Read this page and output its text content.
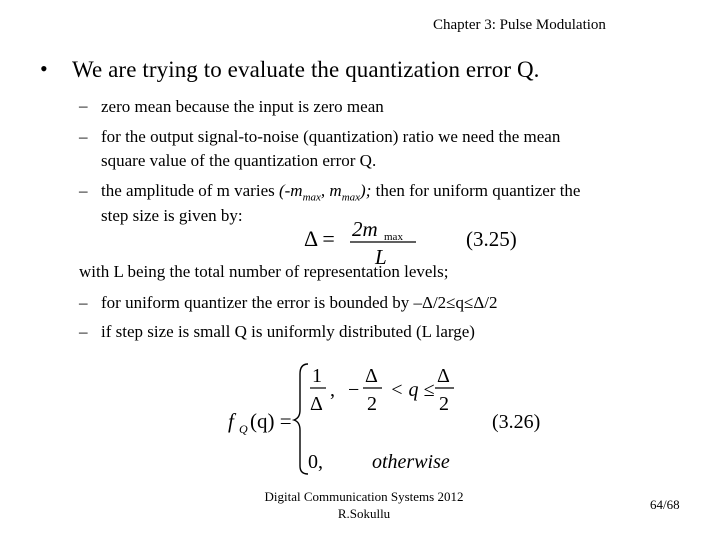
Chapter 3: Pulse Modulation
• We are trying to evaluate the quantization error Q.
– zero mean because the input is zero mean
– for the output signal-to-noise (quantization) ratio we need the mean
square value of the quantization error Q.
– the amplitude of m varies ($-m_{max}$, $m_{max}$); then for uniform quantizer the
step size is given by:
Δ = 2m max
L
(3.25)
with L being the total number of representation levels;
– for uniform quantizer the error is bounded by –Δ/2≤q≤Δ/2
– if step size is small Q is uniformly distributed (L large)
f Q (q) =
1
Δ
, −
Δ
2
< q ≤
Δ
2
(3.26)
0, otherwise
Digital Communication Systems 2012
R.Sokullu
64/68
